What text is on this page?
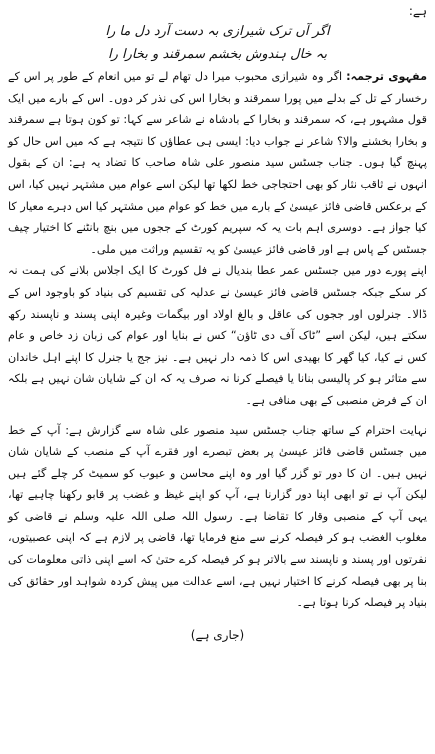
ہے:
اگر آں ترک شیرازی بہ دست آرد دل ما را
بہ خال ہندوش بخشم سمرقند و بخارا را

مفہوی ترجمہ: اگر وہ شیرازی محبوب میرا دل تھام لے تو میں انعام کے طور پر اس کے رخسار کے تل کے بدلے میں پورا سمرقند و بخارا اس کی نذر کر دوں۔ اس کے بارے میں ایک قول مشہور ہے، کہ سمرقند و بخارا کے بادشاہ نے شاعر سے کہا: تو کون ہوتا ہے سمرقند و بخارا بخشنے والا؟ شاعر نے جواب دیا: ایسی ہی عطاؤں کا نتیجہ ہے کہ میں اس حال کو پہنچ گیا ہوں۔ جناب جسٹس سید منصور علی شاہ صاحب کا تضاد یہ ہے: ان کے بقول انہوں نے ثاقب نثار کو بھی احتجاجی خط لکھا تھا لیکن اسے عوام میں مشتہر نہیں کیا، اس کے برعکس قاضی فائز عیسیٰ کے بارے میں خط کو عوام میں مشتہر کیا اس دہرے معیار کا کیا جواز ہے۔ دوسری اہم بات یہ کہ سپریم کورٹ کے ججوں میں بنچ بانٹنے کا اختیار چیف جسٹس کے پاس ہے اور قاضی فائز عیسیٰ کو یہ تقسیم وراثت میں ملی۔

اپنے پورے دور میں جسٹس عمر عطا بندیال نے فل کورٹ کا ایک اجلاس بلانے کی ہمت نہ کر سکے جبکہ جسٹس قاضی فائز عیسیٰ نے عدلیہ کی تقسیم کی بنیاد کو باوجود اس کے ڈالا۔ جنرلوں اور ججوں کی عاقل و بالغ اولاد اور بیگمات وغیرہ اپنی پسند و ناپسند رکھ سکتے ہیں، لیکن اسے ”ٹاک آف دی ٹاؤن“ کس نے بنایا اور عوام کی زبان زد خاص و عام کس نے کیا، کیا گھر کا بھیدی اس کا ذمہ دار نہیں ہے۔ نیز جج یا جنرل کا اپنے اہل خاندان سے متاثر ہو کر پالیسی بنانا یا فیصلے کرنا نہ صرف یہ کہ ان کے شایان شان نہیں ہے بلکہ ان کے فرض منصبی کے بھی منافی ہے۔

نہایت احترام کے ساتھ جناب جسٹس سید منصور علی شاہ سے گزارش ہے: آپ کے خط میں جسٹس قاضی فائز عیسیٰ پر بعض تبصرے اور فقرے آپ کے منصب کے شایان شان نہیں ہیں۔ ان کا دور تو گزر گیا اور وہ اپنے محاسن و عیوب کو سمیٹ کر چلے گئے ہیں لیکن آپ نے تو ابھی اپنا دور گزارنا ہے، آپ کو اپنے غیظ و غضب پر قابو رکھنا چاہیے تھا، یہی آپ کے منصبی وقار کا تقاضا ہے۔ رسول اللہ صلی اللہ علیہ وسلم نے قاضی کو مغلوب الغضب ہو کر فیصلہ کرنے سے منع فرمایا تھا، قاضی پر لازم ہے کہ اپنی عصبیتوں، نفرتوں اور پسند و ناپسند سے بالاتر ہو کر فیصلہ کرے حتیٰ کہ اسے اپنی ذاتی معلومات کی بنا پر بھی فیصلہ کرنے کا اختیار نہیں ہے، اسے عدالت میں پیش کردہ شواہد اور حقائق کی بنیاد پر فیصلہ کرنا ہوتا ہے۔

(جاری ہے)
